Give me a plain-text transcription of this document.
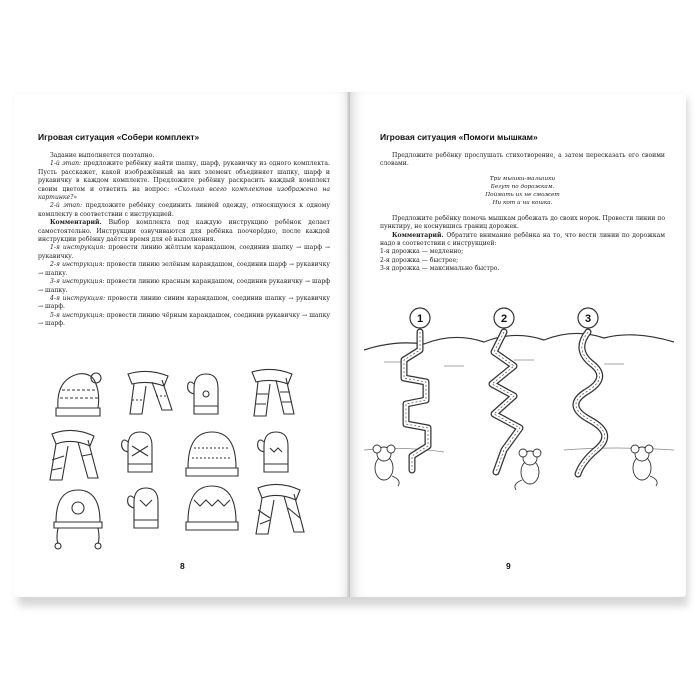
Игровая ситуация «Собери комплект»

Задание выполняется поэтапно.

1-й этап: предложите ребёнку найти шапку, шарф, рукавичку из одного комплекта. Пусть расскажет, какой изображённый на них элемент объединяет шапку, шарф и рукавичку в каждом комплекте. Предложите ребёнку раскрасить каждый комплект своим цветом и ответить на вопрос: «Сколько всего комплектов изображено на картинке?»

2-й этап: предложите ребёнку соединить линией одежду, относящуюся к одному комплекту в соответствии с инструкцией.

Комментарий. Выбор комплекта под каждую инструкцию ребёнок делает самостоятельно. Инструкции озвучиваются для ребёнка поочерёдно, после каждой инструкции ребёнку даётся время для её выполнения.

1-я инструкция: провести линию жёлтым карандашом, соединив шапку → шарф → рукавичку.

2-я инструкция: провести линию зелёным карандашом, соединив шарф → рукавичку → шапку.

3-я инструкция: провести линию красным карандашом, соединив рукавичку → шарф → шапку.

4-я инструкция: провести линию синим карандашом, соединив шапку → рукавичку → шарф.

5-я инструкция: провести линию чёрным карандашом, соединив рукавичку → шапку → шарф.

8
Игровая ситуация «Помоги мышкам»

Предложите ребёнку прослушать стихотворение, а затем пересказать его своими словами.

Три мышки-малышки
Бегут по дорожкам.
Поймать их не сможет
Ни кот и ни кошка.

Предложите ребёнку помочь мышкам добежать до своих норок. Провести линии по пунктиру, не коснувшись границ дорожек.

Комментарий. Обратите внимание ребёнка на то, что вести линии по дорожкам надо в соответствии с инструкцией:

1-я дорожка — медленно;

2-я дорожка — быстрее;

3-я дорожка — максимально быстро.

1	2	3
9
